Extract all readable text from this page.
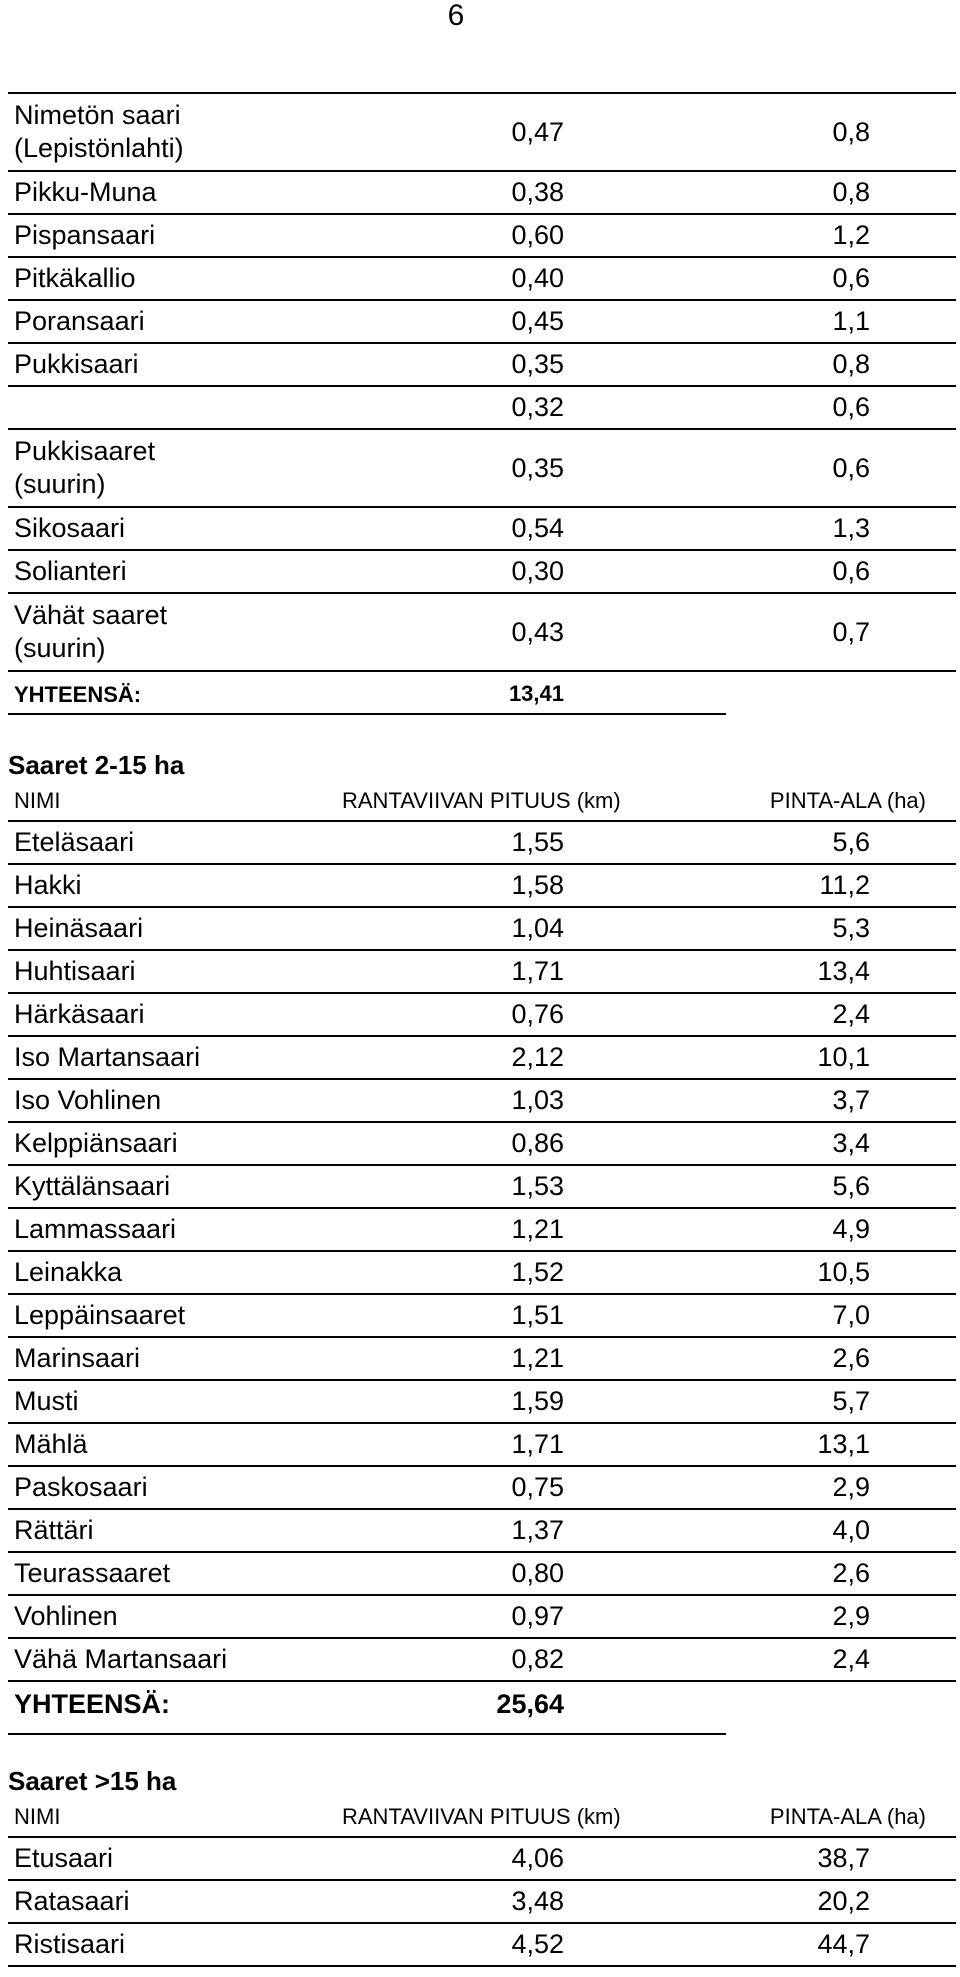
6
Nimetön saari
(Lepistönlahti)
0,47	0,8
Pikku-Muna	0,38	0,8
Pispansaari	0,60	1,2
Pitkäkallio	0,40	0,6
Poransaari	0,45	1,1
Pukkisaari	0,35	0,8
0,32	0,6
Pukkisaaret
(suurin)
0,35	0,6
Sikosaari	0,54	1,3
Solianteri	0,30	0,6
Vähät saaret
(suurin)
0,43	0,7
YHTEENSÄ:	13,41
Saaret 2-15 ha
NIMI	RANTAVIIVAN PITUUS (km)	PINTA-ALA (ha)
Eteläsaari	1,55	5,6
Hakki	1,58	11,2
Heinäsaari	1,04	5,3
Huhtisaari	1,71	13,4
Härkäsaari	0,76	2,4
Iso Martansaari	2,12	10,1
Iso Vohlinen	1,03	3,7
Kelppiänsaari	0,86	3,4
Kyttälänsaari	1,53	5,6
Lammassaari	1,21	4,9
Leinakka	1,52	10,5
Leppäinsaaret	1,51	7,0
Marinsaari	1,21	2,6
Musti	1,59	5,7
Mählä	1,71	13,1
Paskosaari	0,75	2,9
Rättäri	1,37	4,0
Teurassaaret	0,80	2,6
Vohlinen	0,97	2,9
Vähä Martansaari	0,82	2,4
YHTEENSÄ:	25,64
Saaret >15 ha
NIMI	RANTAVIIVAN PITUUS (km)	PINTA-ALA (ha)
Etusaari	4,06	38,7
Ratasaari	3,48	20,2
Ristisaari	4,52	44,7
